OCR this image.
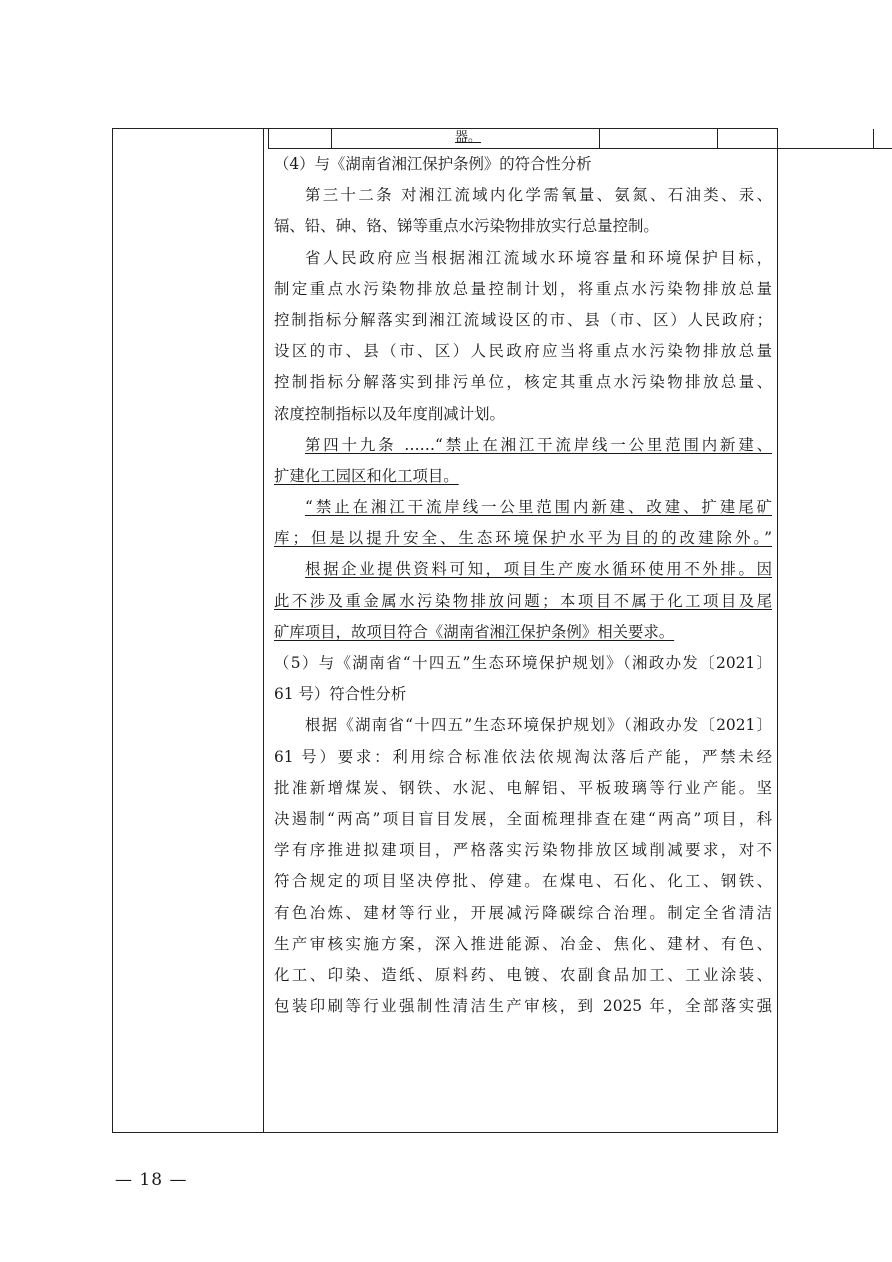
器。
（4）与《湖南省湘江保护条例》的符合性分析
第三十二条 对湘江流域内化学需氧量、氨氮、石油类、汞、
镉、铅、砷、铬、锑等重点水污染物排放实行总量控制。
省人民政府应当根据湘江流域水环境容量和环境保护目标，
制定重点水污染物排放总量控制计划，将重点水污染物排放总量
控制指标分解落实到湘江流域设区的市、县（市、区）人民政府；
设区的市、县（市、区）人民政府应当将重点水污染物排放总量
控制指标分解落实到排污单位，核定其重点水污染物排放总量、
浓度控制指标以及年度削减计划。
第四十九条 ……“禁止在湘江干流岸线一公里范围内新建、
扩建化工园区和化工项目。
“禁止在湘江干流岸线一公里范围内新建、改建、扩建尾矿
库；但是以提升安全、生态环境保护水平为目的的改建除外。”
根据企业提供资料可知，项目生产废水循环使用不外排。因
此不涉及重金属水污染物排放问题；本项目不属于化工项目及尾
矿库项目，故项目符合《湖南省湘江保护条例》相关要求。
（5）与《湖南省“十四五”生态环境保护规划》（湘政办发〔2021〕
61 号）符合性分析
根据《湖南省“十四五”生态环境保护规划》（湘政办发〔2021〕
61 号）要求：利用综合标准依法依规淘汰落后产能，严禁未经
批准新增煤炭、钢铁、水泥、电解铝、平板玻璃等行业产能。坚
决遏制“两高”项目盲目发展，全面梳理排查在建“两高”项目，科
学有序推进拟建项目，严格落实污染物排放区域削减要求，对不
符合规定的项目坚决停批、停建。在煤电、石化、化工、钢铁、
有色冶炼、建材等行业，开展减污降碳综合治理。制定全省清洁
生产审核实施方案，深入推进能源、冶金、焦化、建材、有色、
化工、印染、造纸、原料药、电镀、农副食品加工、工业涂装、
包装印刷等行业强制性清洁生产审核，到 2025 年，全部落实强
— 18 —
